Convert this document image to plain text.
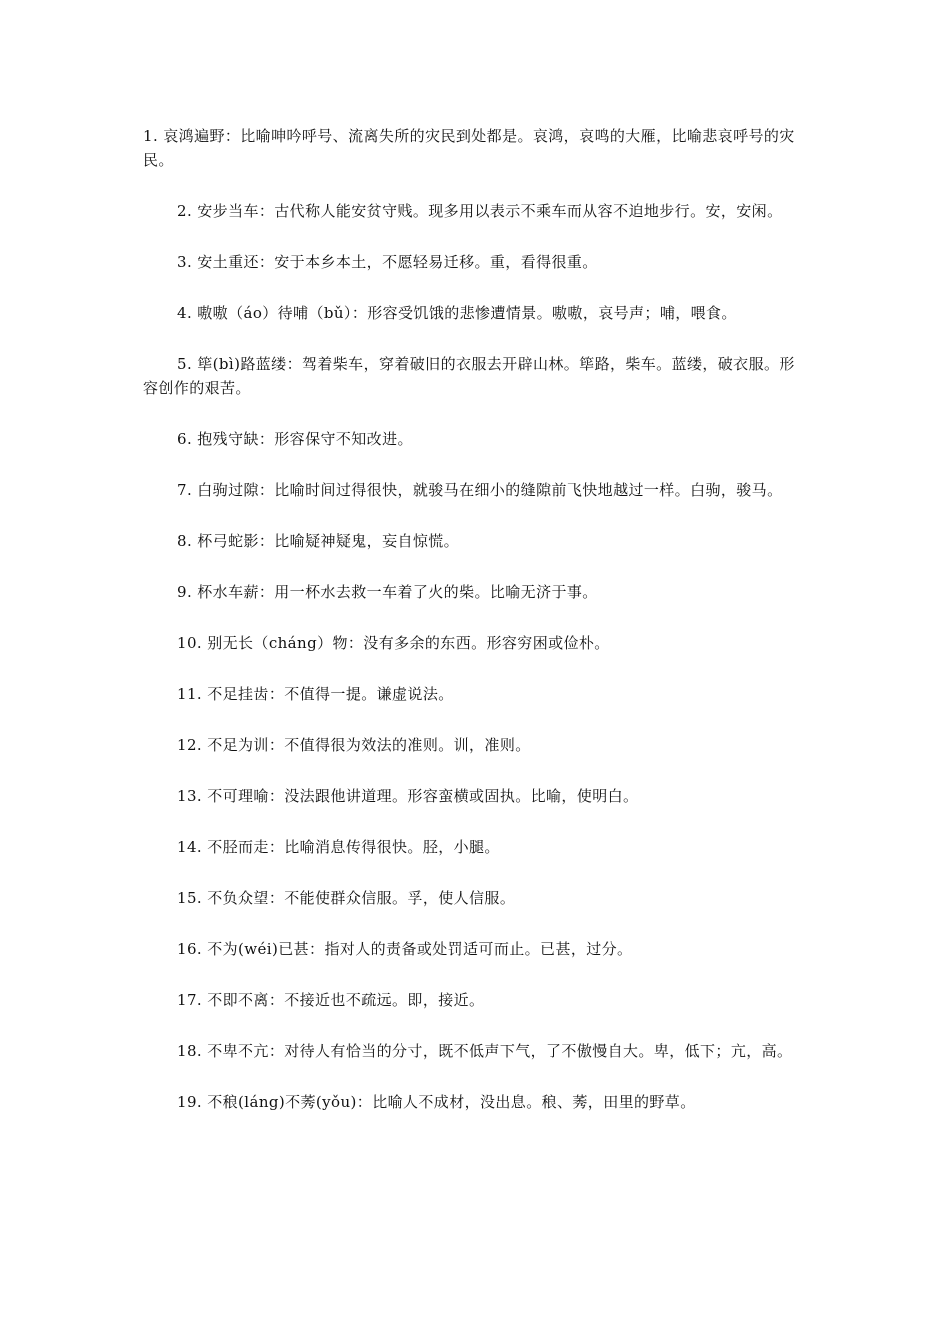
1. 哀鸿遍野：比喻呻吟呼号、流离失所的灾民到处都是。哀鸿，哀鸣的大雁，比喻悲哀呼号的灾民。

2. 安步当车：古代称人能安贫守贱。现多用以表示不乘车而从容不迫地步行。安，安闲。

3. 安土重还：安于本乡本土，不愿轻易迁移。重，看得很重。

4. 嗷嗷（áo）待哺（bǔ）：形容受饥饿的悲惨遭情景。嗷嗷，哀号声；哺，喂食。

5. 筚(bì)路蓝缕：驾着柴车，穿着破旧的衣服去开辟山林。筚路，柴车。蓝缕，破衣服。形容创作的艰苦。

6. 抱残守缺：形容保守不知改进。

7. 白驹过隙：比喻时间过得很快，就骏马在细小的缝隙前飞快地越过一样。白驹，骏马。

8. 杯弓蛇影：比喻疑神疑鬼，妄自惊慌。

9. 杯水车薪：用一杯水去救一车着了火的柴。比喻无济于事。

10. 别无长（cháng）物：没有多余的东西。形容穷困或俭朴。

11. 不足挂齿：不值得一提。谦虚说法。

12. 不足为训：不值得很为效法的准则。训，准则。

13. 不可理喻：没法跟他讲道理。形容蛮横或固执。比喻，使明白。

14. 不胫而走：比喻消息传得很快。胫，小腿。

15. 不负众望：不能使群众信服。孚，使人信服。

16. 不为(wéi)已甚：指对人的责备或处罚适可而止。已甚，过分。

17. 不即不离：不接近也不疏远。即，接近。

18. 不卑不亢：对待人有恰当的分寸，既不低声下气，了不傲慢自大。卑，低下；亢，高。

19. 不稂(láng)不莠(yǒu)：比喻人不成材，没出息。稂、莠，田里的野草。
